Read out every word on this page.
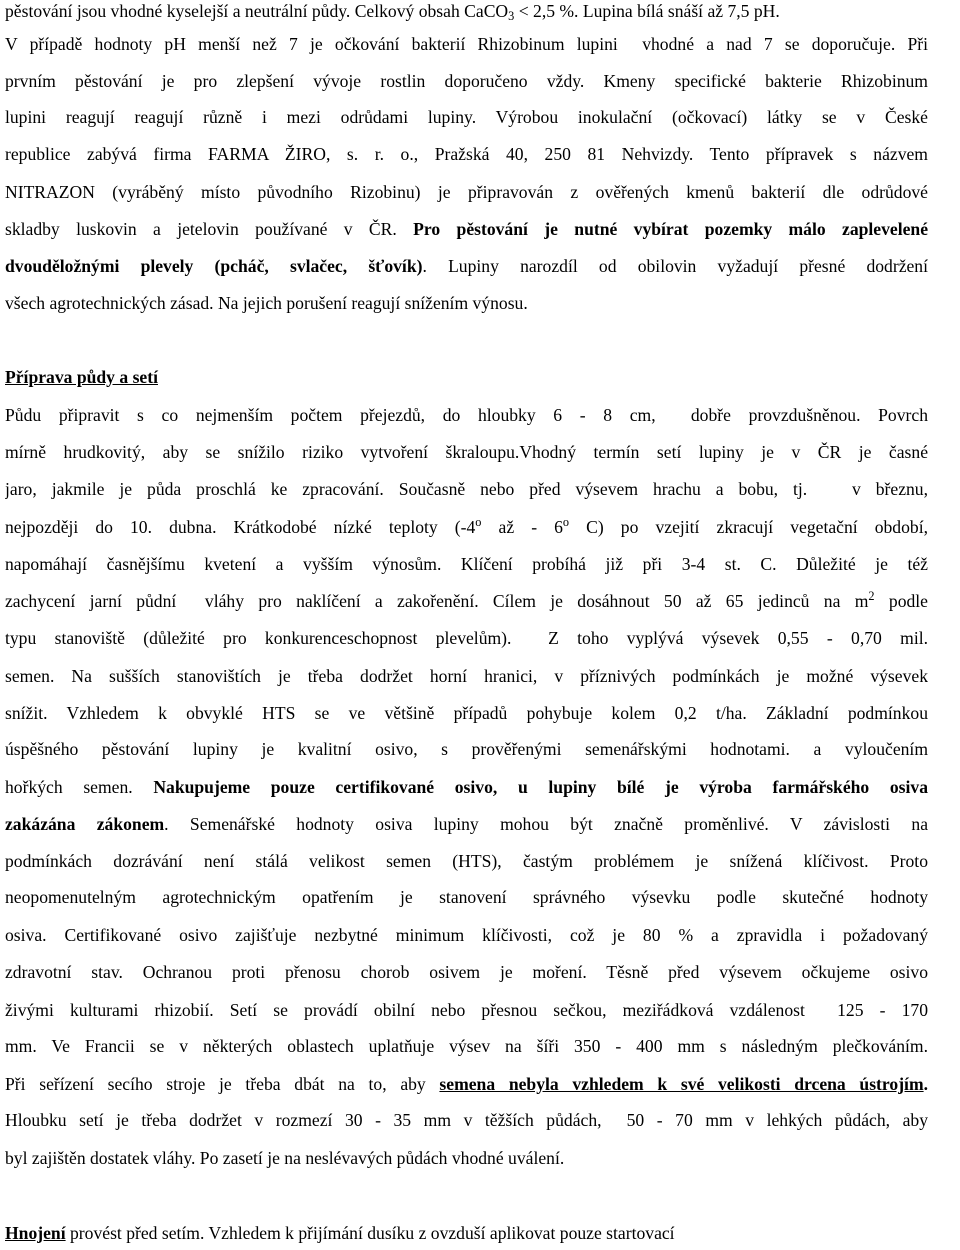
pěstování jsou vhodné kyselejší a neutrální půdy. Celkový obsah CaCO$_3$ < 2,5 %. Lupina bílá snáší až 7,5 pH.
V případě hodnoty pH menší než 7 je očkování bakterií Rhizobinum lupini  vhodné a nad 7 se doporučuje. Při
prvním pěstování je pro zlepšení vývoje rostlin doporučeno vždy. Kmeny specifické bakterie Rhizobinum
lupini reagují reagují různě i mezi odrůdami lupiny. Výrobou inokulační (očkovací) látky se v České
republice zabývá firma FARMA ŽIRO, s. r. o., Pražská 40, 250 81 Nehvizdy. Tento přípravek s názvem
NITRAZON (vyráběný místo původního Rizobinu) je připravován z ověřených kmenů bakterií dle odrůdové
skladby luskovin a jetelovin používané v ČR. Pro pěstování je nutné vybírat pozemky málo zaplevelené
dvouděložnými plevely (pcháč, svlačec, šťovík). Lupiny narozdíl od obilovin vyžadují přesné dodržení
všech agrotechnických zásad. Na jejich porušení reagují snížením výnosu.
Příprava půdy a setí
Půdu připravit s co nejmenším počtem přejezdů, do hloubky 6 - 8 cm,  dobře provzdušněnou. Povrch
mírně hrudkovitý, aby se snížilo riziko vytvoření škraloupu.Vhodný termín setí lupiny je v ČR je časné
jaro, jakmile je půda proschlá ke zpracování. Současně nebo před výsevem hrachu a bobu, tj.   v březnu,
nejpozději do 10. dubna. Krátkodobé nízké teploty (-4$^o$ až - 6$^o$ C) po vzejití zkracují vegetační období,
napomáhají časnějšímu kvetení a vyšším výnosům. Klíčení probíhá již při 3-4 st. C. Důležité je též
zachycení jarní půdní  vláhy pro naklíčení a zakořenění. Cílem je dosáhnout 50 až 65 jedinců na $m^2$ podle
typu stanoviště (důležité pro konkurenceschopnost plevelům).  Z toho vyplývá výsevek 0,55 - 0,70 mil.
semen. Na sušších stanovištích je třeba dodržet horní hranici, v příznivých podmínkách je možné výsevek
snížit. Vzhledem k obvyklé HTS se ve většině případů pohybuje kolem 0,2 t/ha. Základní podmínkou
úspěšného pěstování lupiny je kvalitní osivo, s prověřenými semenářskými hodnotami. a vyloučením
hořkých semen. Nakupujeme pouze certifikované osivo, u lupiny bílé je výroba farmářského osiva
zakázána zákonem. Semenářské hodnoty osiva lupiny mohou být značně proměnlivé. V závislosti na
podmínkách dozrávání není stálá velikost semen (HTS), častým problémem je snížená klíčivost. Proto
neopomenutelným agrotechnickým opatřením je stanovení správného výsevku podle skutečné hodnoty
osiva. Certifikované osivo zajišťuje nezbytné minimum klíčivosti, což je 80 % a zpravidla i požadovaný
zdravotní stav. Ochranou proti přenosu chorob osivem je moření. Těsně před výsevem očkujeme osivo
živými kulturami rhizobií. Setí se provádí obilní nebo přesnou sečkou, meziřádková vzdálenost  125 - 170
mm. Ve Francii se v některých oblastech uplatňuje výsev na šíři 350 - 400 mm s následným plečkováním.
Při seřízení secího stroje je třeba dbát na to, aby semena nebyla vzhledem k své velikosti drcena ústrojím.
Hloubku setí je třeba dodržet v rozmezí 30 - 35 mm v těžších půdách,  50 - 70 mm v lehkých půdách, aby
byl zajištěn dostatek vláhy. Po zasetí je na neslévavých půdách vhodné uválení.
Hnojení provést před setím. Vzhledem k přijímání dusíku z ovzduší aplikovat pouze startovací
